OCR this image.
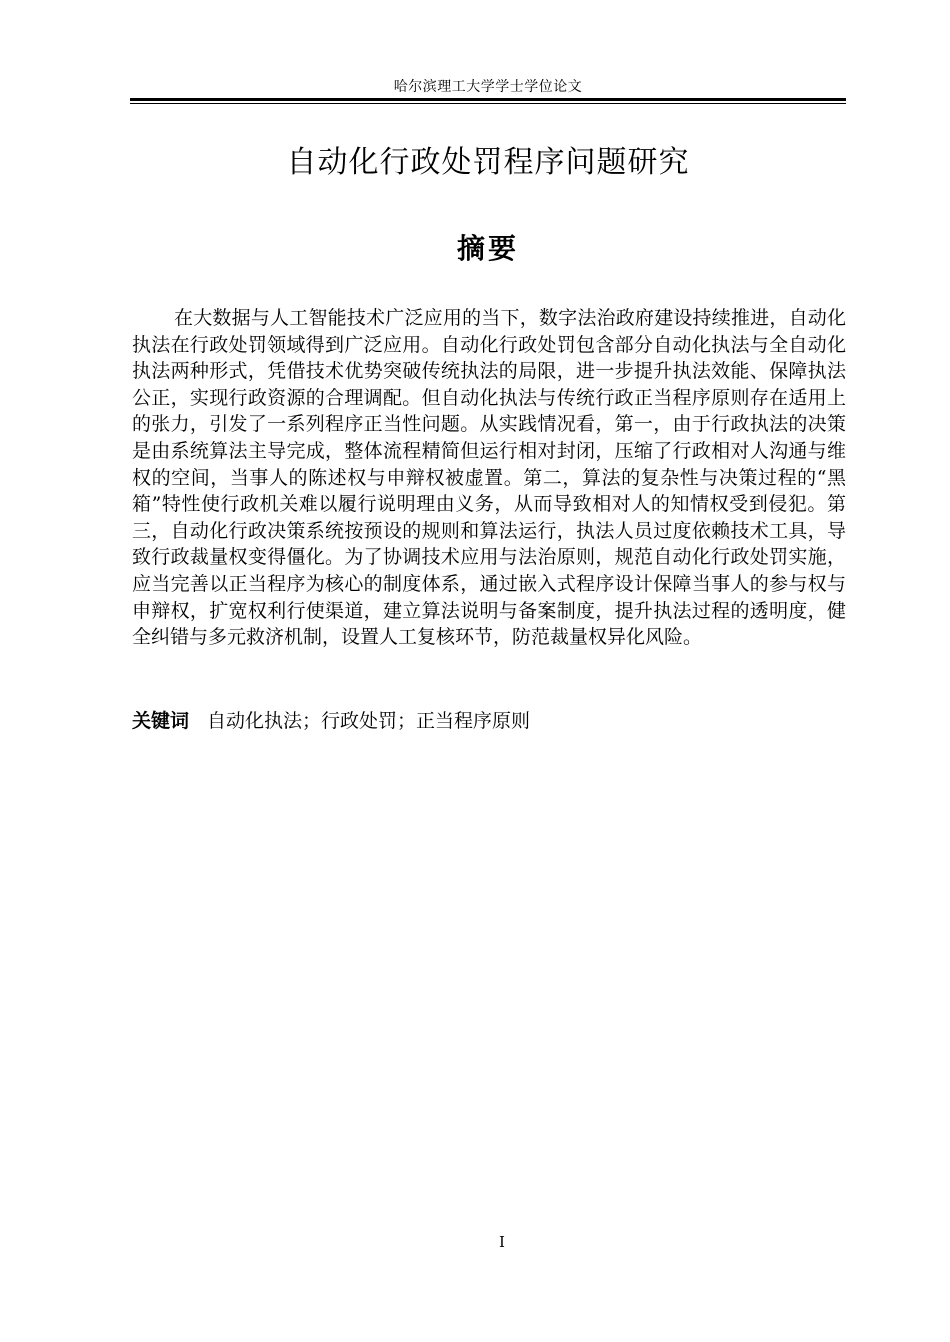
哈尔滨理工大学学士学位论文
自动化行政处罚程序问题研究
摘要

在大数据与人工智能技术广泛应用的当下，数字法治政府建设持续推进，自动化执法在行政处罚领域得到广泛应用。自动化行政处罚包含部分自动化执法与全自动化执法两种形式，凭借技术优势突破传统执法的局限，进一步提升执法效能、保障执法公正，实现行政资源的合理调配。但自动化执法与传统行政正当程序原则存在适用上的张力，引发了一系列程序正当性问题。从实践情况看，第一，由于行政执法的决策是由系统算法主导完成，整体流程精简但运行相对封闭，压缩了行政相对人沟通与维权的空间，当事人的陈述权与申辩权被虚置。第二，算法的复杂性与决策过程的“黑箱”特性使行政机关难以履行说明理由义务，从而导致相对人的知情权受到侵犯。第三，自动化行政决策系统按预设的规则和算法运行，执法人员过度依赖技术工具，导致行政裁量权变得僵化。为了协调技术应用与法治原则，规范自动化行政处罚实施，应当完善以正当程序为核心的制度体系，通过嵌入式程序设计保障当事人的参与权与申辩权，扩宽权利行使渠道，建立算法说明与备案制度，提升执法过程的透明度，健全纠错与多元救济机制，设置人工复核环节，防范裁量权异化风险。

关键词 自动化执法；行政处罚；正当程序原则
I
